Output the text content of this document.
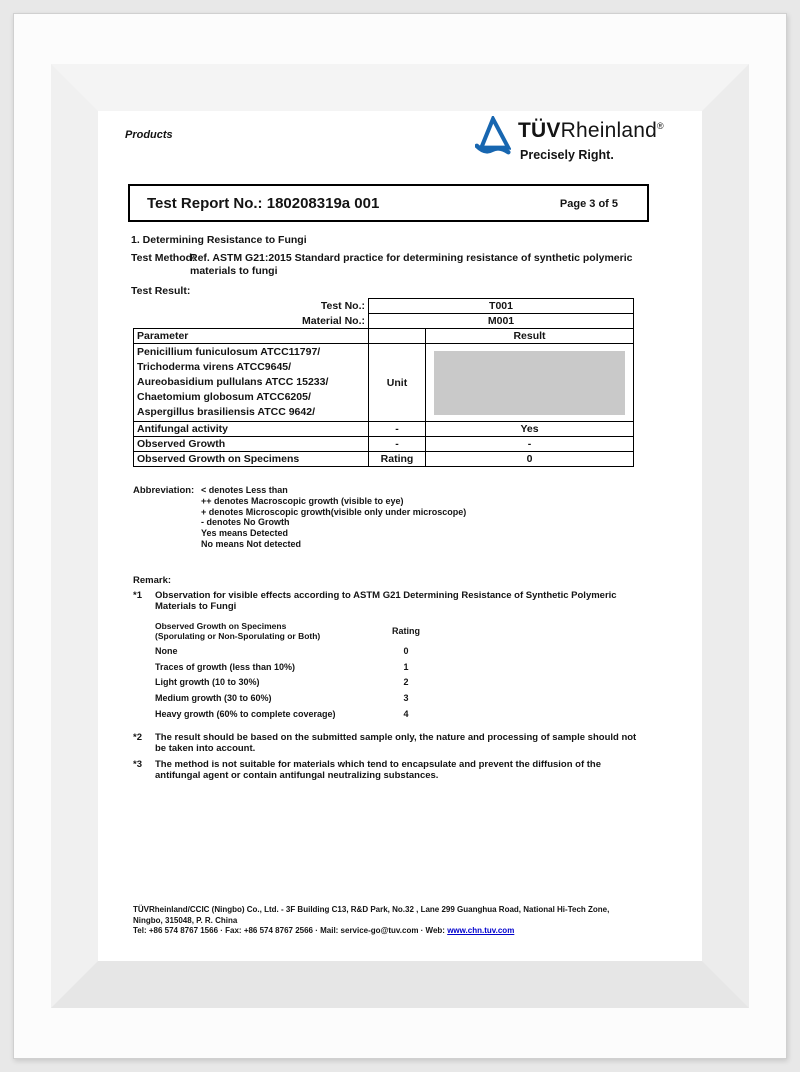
Products	TÜVRheinland®
Precisely Right.
Test Report No.: 180208319a 001	Page 3 of 5
1. Determining Resistance to Fungi
Test Method:
Ref. ASTM G21:2015 Standard practice for determining resistance of synthetic polymeric materials to fungi
Test Result:
Test No.:	T001	
Material No.:	M001	
Parameter		Result

Penicillium funiculosum ATCC11797/
Trichoderma virens ATCC9645/
Aureobasidium pullulans ATCC 15233/
Chaetomium globosum ATCC6205/
Aspergillus brasiliensis ATCC 9642/	Unit	

Antifungal activity	-	Yes
Observed Growth	-	-
Observed Growth on Specimens	Rating	0
Abbreviation: < denotes Less than
++ denotes Macroscopic growth (visible to eye)
+ denotes Microscopic growth(visible only under microscope)
- denotes No Growth
Yes means Detected
No means Not detected
Remark:
*1 Observation for visible effects according to ASTM G21 Determining Resistance of Synthetic Polymeric Materials to Fungi
Observed Growth on Specimens
(Sporulating or Non-Sporulating or Both)	Rating
None	0
Traces of growth (less than 10%)	1
Light growth (10 to 30%)	2
Medium growth (30 to 60%)	3
Heavy growth (60% to complete coverage)	4
*2 The result should be based on the submitted sample only, the nature and processing of sample should not be taken into account.
*3 The method is not suitable for materials which tend to encapsulate and prevent the diffusion of the antifungal agent or contain antifungal neutralizing substances.
TÜVRheinland/CCIC (Ningbo) Co., Ltd. - 3F Building C13, R&D Park, No.32 , Lane 299 Guanghua Road, National Hi-Tech Zone,
Ningbo, 315048, P. R. China
Tel: +86 574 8767 1566 · Fax: +86 574 8767 2566 · Mail: service-go@tuv.com · Web: www.chn.tuv.com
